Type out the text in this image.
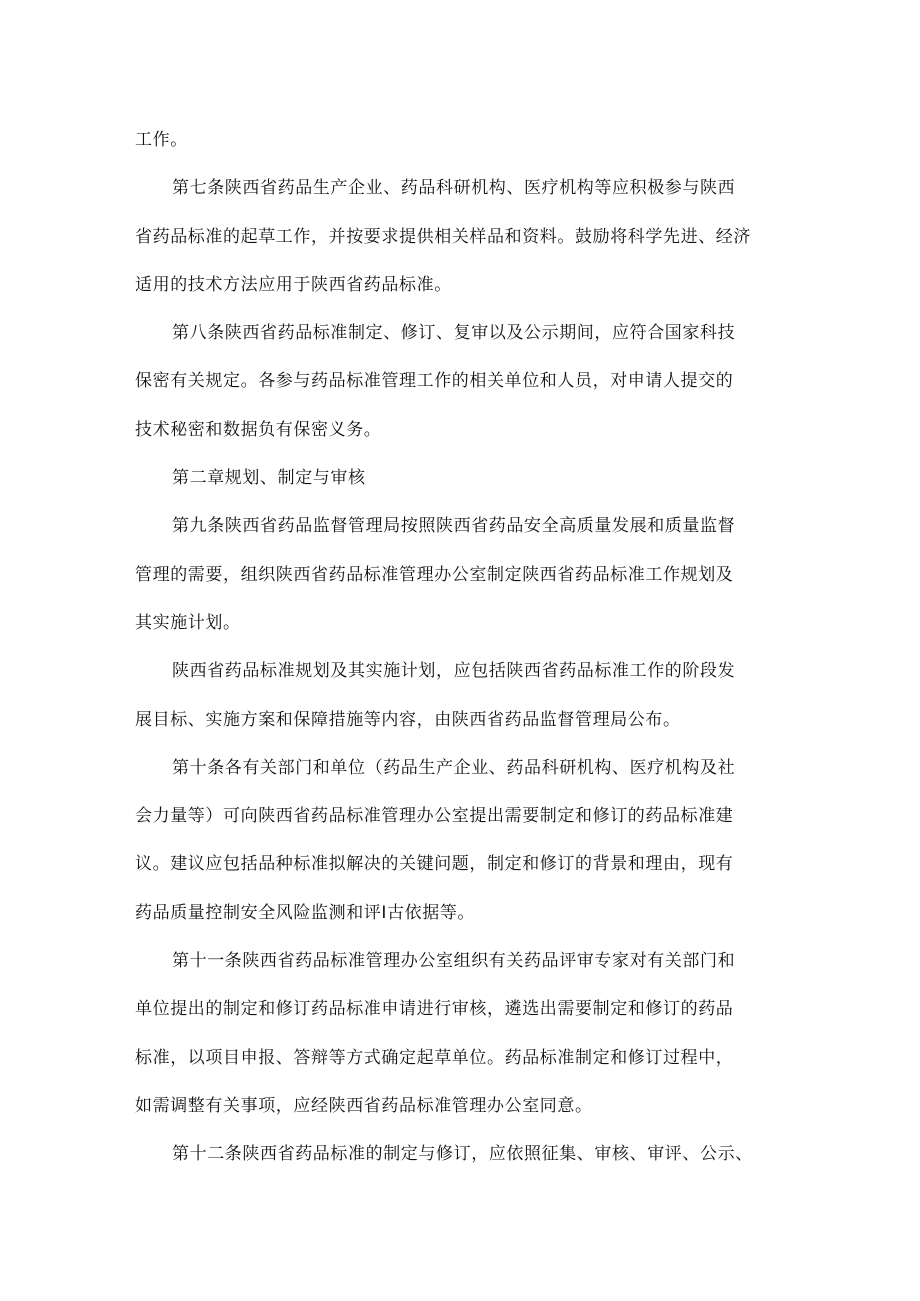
工作。
第七条陕西省药品生产企业、药品科研机构、医疗机构等应积极参与陕西
省药品标准的起草工作，并按要求提供相关样品和资料。鼓励将科学先进、经济
适用的技术方法应用于陕西省药品标准。
第八条陕西省药品标准制定、修订、复审以及公示期间，应符合国家科技
保密有关规定。各参与药品标准管理工作的相关单位和人员，对申请人提交的
技术秘密和数据负有保密义务。
第二章规划、制定与审核
第九条陕西省药品监督管理局按照陕西省药品安全高质量发展和质量监督
管理的需要，组织陕西省药品标准管理办公室制定陕西省药品标准工作规划及
其实施计划。
陕西省药品标准规划及其实施计划，应包括陕西省药品标准工作的阶段发
展目标、实施方案和保障措施等内容，由陕西省药品监督管理局公布。
第十条各有关部门和单位（药品生产企业、药品科研机构、医疗机构及社
会力量等）可向陕西省药品标准管理办公室提出需要制定和修订的药品标准建
议。建议应包括品种标准拟解决的关键问题，制定和修订的背景和理由，现有
药品质量控制安全风险监测和评I古依据等。
第十一条陕西省药品标准管理办公室组织有关药品评审专家对有关部门和
单位提出的制定和修订药品标准申请进行审核，遴选出需要制定和修订的药品
标准，以项目申报、答辩等方式确定起草单位。药品标准制定和修订过程中，
如需调整有关事项，应经陕西省药品标准管理办公室同意。
第十二条陕西省药品标准的制定与修订，应依照征集、审核、审评、公示、
